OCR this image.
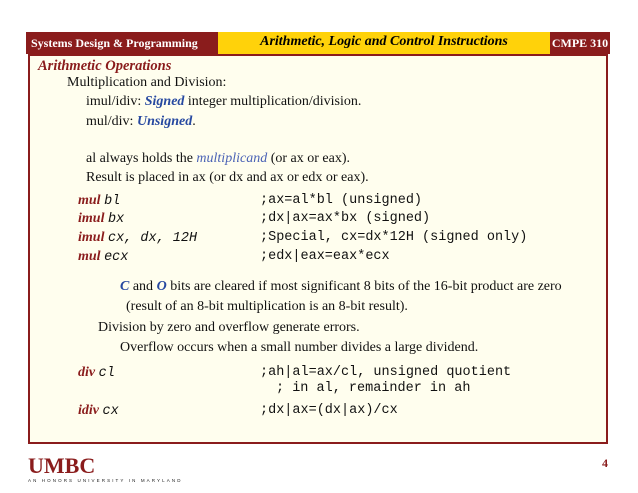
Systems Design & Programming	Arithmetic, Logic and Control Instructions	CMPE 310
Arithmetic Operations
Multiplication and Division:
imul/idiv: Signed integer multiplication/division.
mul/div: Unsigned.
al always holds the multiplicand (or ax or eax).
Result is placed in ax (or dx and ax or edx or eax).
mul bl	;ax=al*bl (unsigned)
imul bx	;dx|ax=ax*bx (signed)
imul cx, dx, 12H	;Special, cx=dx*12H (signed only)
mul ecx	;edx|eax=eax*ecx
C and O bits are cleared if most significant 8 bits of the 16-bit product are zero
(result of an 8-bit multiplication is an 8-bit result).
Division by zero and overflow generate errors.
Overflow occurs when a small number divides a large dividend.
div cl	;ah|al=ax/cl, unsigned quotient
; in al, remainder in ah
idiv cx	;dx|ax=(dx|ax)/cx
UMBC
AN HONORS UNIVERSITY IN MARYLAND
4
